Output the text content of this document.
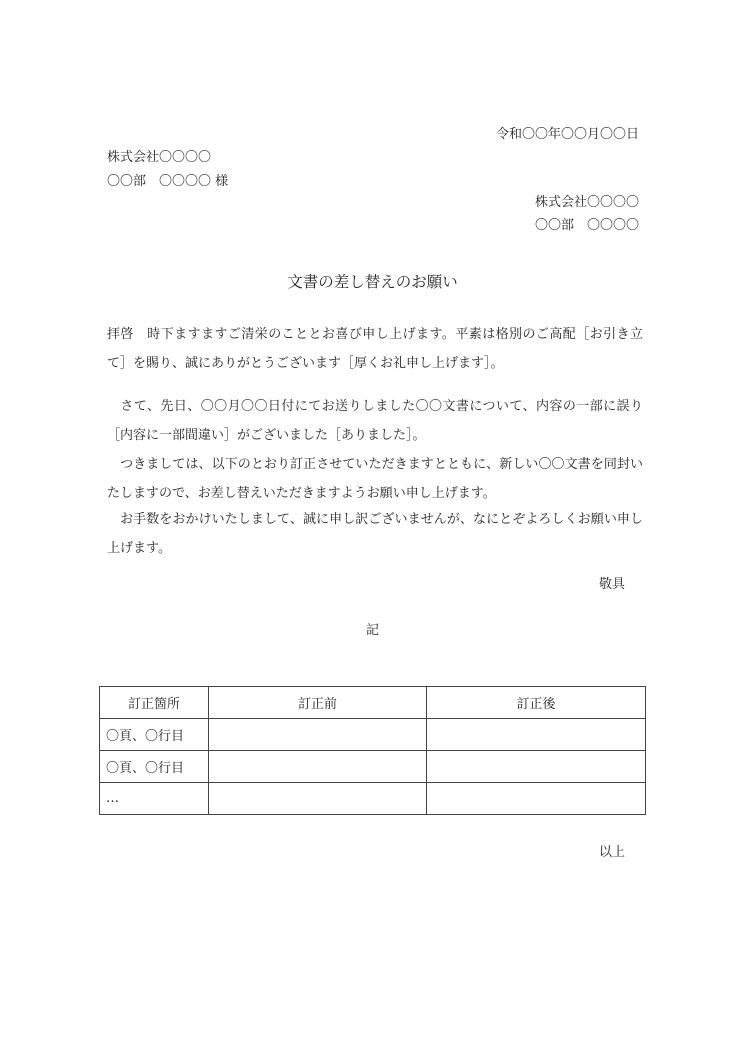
令和〇〇年〇〇月〇〇日
株式会社〇〇〇〇
〇〇部　〇〇〇〇 様
株式会社〇〇〇〇
〇〇部　〇〇〇〇
文書の差し替えのお願い

拝啓　時下ますますご清栄のこととお喜び申し上げます。平素は格別のご高配［お引き立て］を賜り、誠にありがとうございます［厚くお礼申し上げます］。

　さて、先日、〇〇月〇〇日付にてお送りしました〇〇文書について、内容の一部に誤り［内容に一部間違い］がございました［ありました］。

　つきましては、以下のとおり訂正させていただきますとともに、新しい〇〇文書を同封いたしますので、お差し替えいただきますようお願い申し上げます。

　お手数をおかけいたしまして、誠に申し訳ございませんが、なにとぞよろしくお願い申し上げます。

敬具
記
訂正箇所	訂正前	訂正後
〇頁、〇行目		
〇頁、〇行目		
…		
以上
